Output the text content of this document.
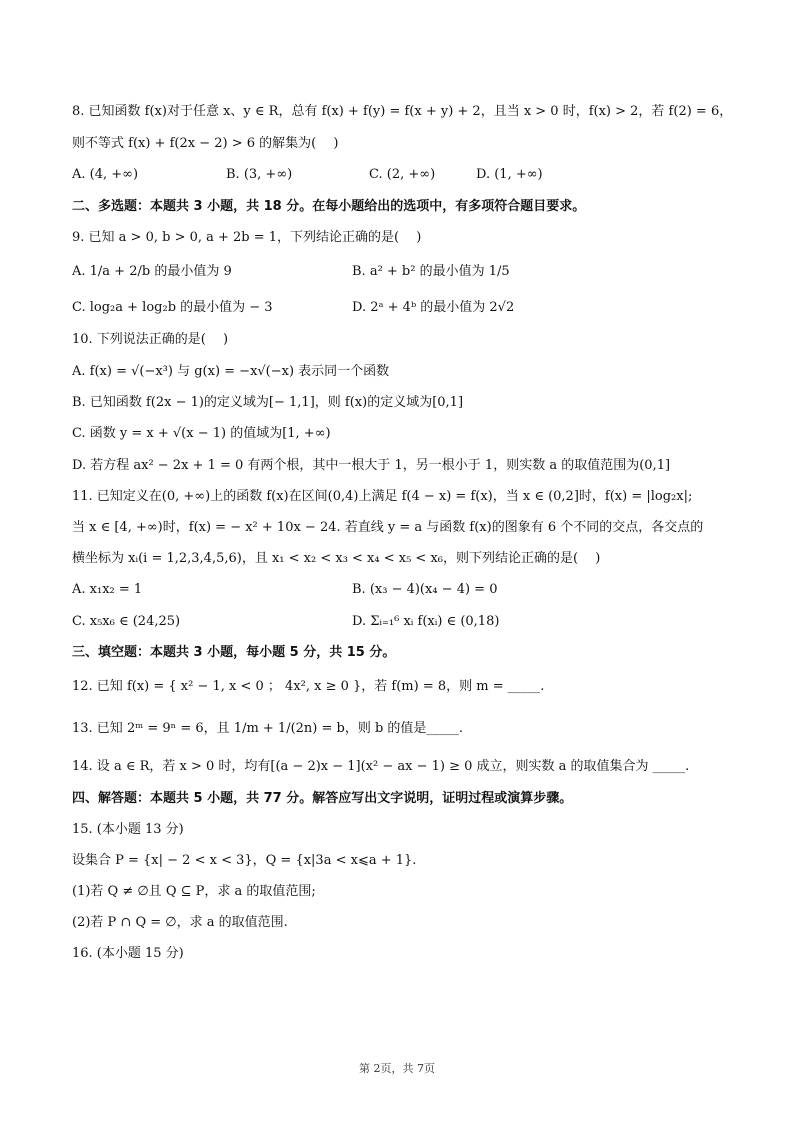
8. 已知函数 f(x)对于任意 x、y ∈ R，总有 f(x) + f(y) = f(x + y) + 2，且当 x > 0 时，f(x) > 2，若 f(2) = 6，
则不等式 f(x) + f(2x − 2) > 6 的解集为(　 )
A. (4, +∞)	B. (3, +∞)	C. (2, +∞)	D. (1, +∞)
二、多选题：本题共 3 小题，共 18 分。在每小题给出的选项中，有多项符合题目要求。
9. 已知 a > 0, b > 0, a + 2b = 1，下列结论正确的是(　 )
A. 1/a + 2/b 的最小值为 9	B. a² + b² 的最小值为 1/5
C. log₂a + log₂b 的最小值为 − 3	D. 2ᵃ + 4ᵇ 的最小值为 2√2
10. 下列说法正确的是(　 )
A. f(x) = √(−x³) 与 g(x) = −x√(−x) 表示同一个函数
B. 已知函数 f(2x − 1)的定义域为[− 1,1]，则 f(x)的定义域为[0,1]
C. 函数 y = x + √(x − 1) 的值域为[1, +∞)
D. 若方程 ax² − 2x + 1 = 0 有两个根，其中一根大于 1，另一根小于 1，则实数 a 的取值范围为(0,1]
11. 已知定义在(0, +∞)上的函数 f(x)在区间(0,4)上满足 f(4 − x) = f(x)，当 x ∈ (0,2]时，f(x) = |log₂x|;
当 x ∈ [4, +∞)时，f(x) = − x² + 10x − 24. 若直线 y = a 与函数 f(x)的图象有 6 个不同的交点，各交点的
横坐标为 xᵢ(i = 1,2,3,4,5,6)，且 x₁ < x₂ < x₃ < x₄ < x₅ < x₆，则下列结论正确的是(　 )
A. x₁x₂ = 1	B. (x₃ − 4)(x₄ − 4) = 0
C. x₅x₆ ∈ (24,25)	D. Σᵢ₌₁⁶ xᵢ f(xᵢ) ∈ (0,18)
三、填空题：本题共 3 小题，每小题 5 分，共 15 分。
12. 已知 f(x) = { x² − 1, x < 0 ； 4x², x ≥ 0 }，若 f(m) = 8，则 m = _____.
13. 已知 2ᵐ = 9ⁿ = 6，且 1/m + 1/(2n) = b，则 b 的值是_____.
14. 设 a ∈ R，若 x > 0 时，均有[(a − 2)x − 1](x² − ax − 1) ≥ 0 成立，则实数 a 的取值集合为 _____.
四、解答题：本题共 5 小题，共 77 分。解答应写出文字说明，证明过程或演算步骤。
15. (本小题 13 分)
设集合 P = {x| − 2 < x < 3}，Q = {x|3a < x⩽a + 1}.
(1)若 Q ≠ ∅且 Q ⊆ P，求 a 的取值范围;
(2)若 P ∩ Q = ∅，求 a 的取值范围.
16. (本小题 15 分)
第 2页，共 7页
